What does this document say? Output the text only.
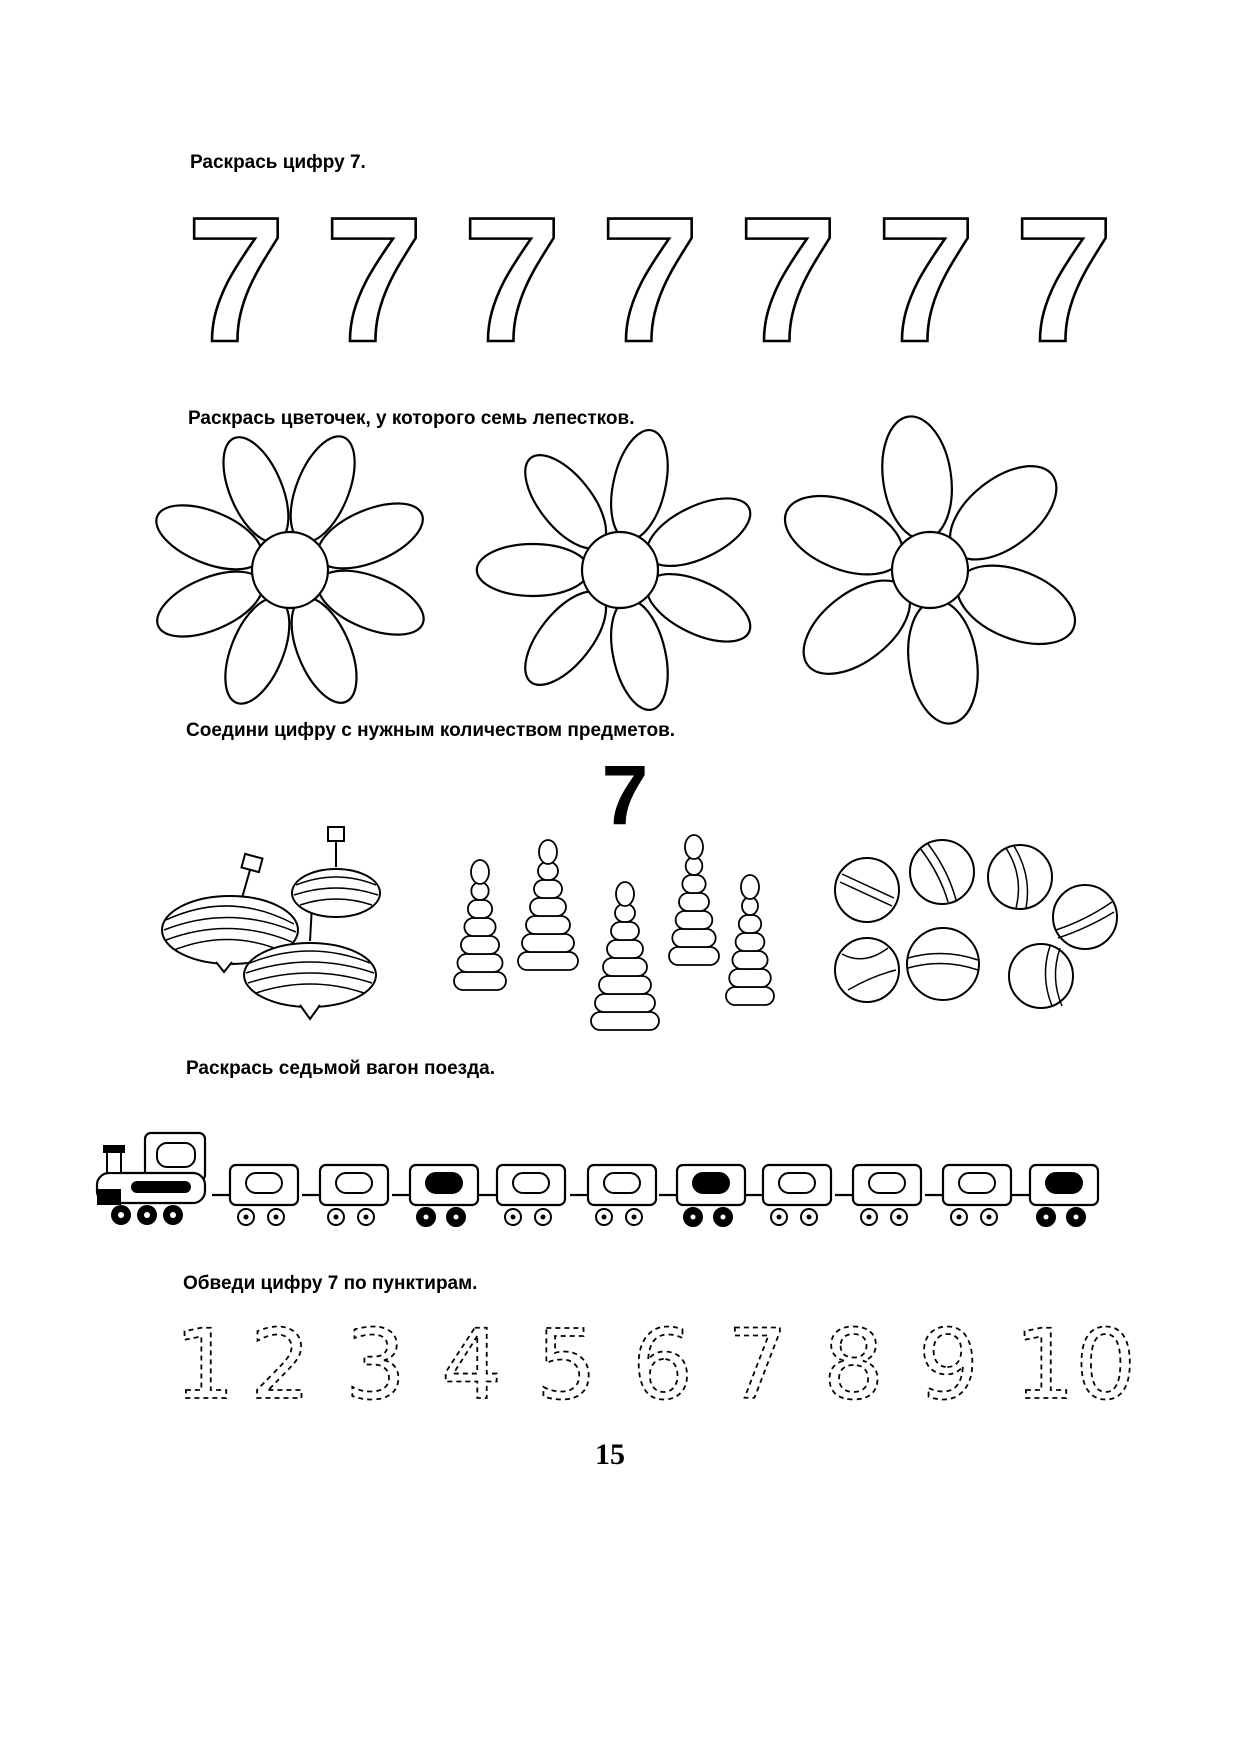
Раскрась цифру 7.
7 7 7 7 7 7 7
Раскрась цветочек, у которого семь лепестков.
Соедини цифру с нужным количеством предметов.
7
Раскрась седьмой вагон поезда.
Обведи цифру 7 по пунктирам.
1 2 3 4 5 6 7 8 9 10
15
